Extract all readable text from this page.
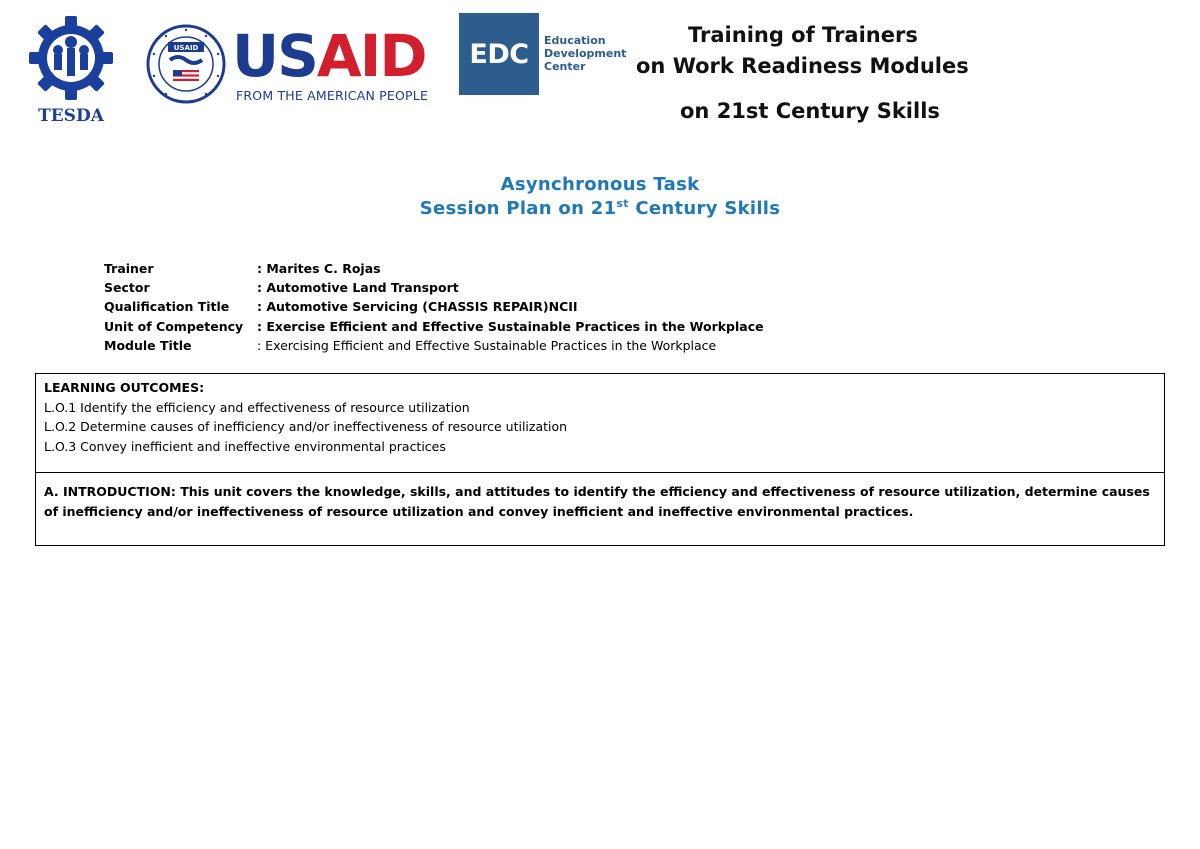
TESDA
USAID USAID
FROM THE AMERICAN PEOPLE
EDC	Education
Development
Center
Training of Trainers
on Work Readiness Modules
on 21st Century Skills
Asynchronous Task
Session Plan on 21st Century Skills
Trainer	: Marites C. Rojas
Sector	: Automotive Land Transport
Qualification Title	: Automotive Servicing (CHASSIS REPAIR)NCII
Unit of Competency	: Exercise Efficient and Effective Sustainable Practices in the Workplace
Module Title	: Exercising Efficient and Effective Sustainable Practices in the Workplace
LEARNING OUTCOMES:
L.O.1 Identify the efficiency and effectiveness of resource utilization
L.O.2 Determine causes of inefficiency and/or ineffectiveness of resource utilization
L.O.3 Convey inefficient and ineffective environmental practices
A. INTRODUCTION: This unit covers the knowledge, skills, and attitudes to identify the efficiency and effectiveness of resource utilization, determine causes of inefficiency and/or ineffectiveness of resource utilization and convey inefficient and ineffective environmental practices.
